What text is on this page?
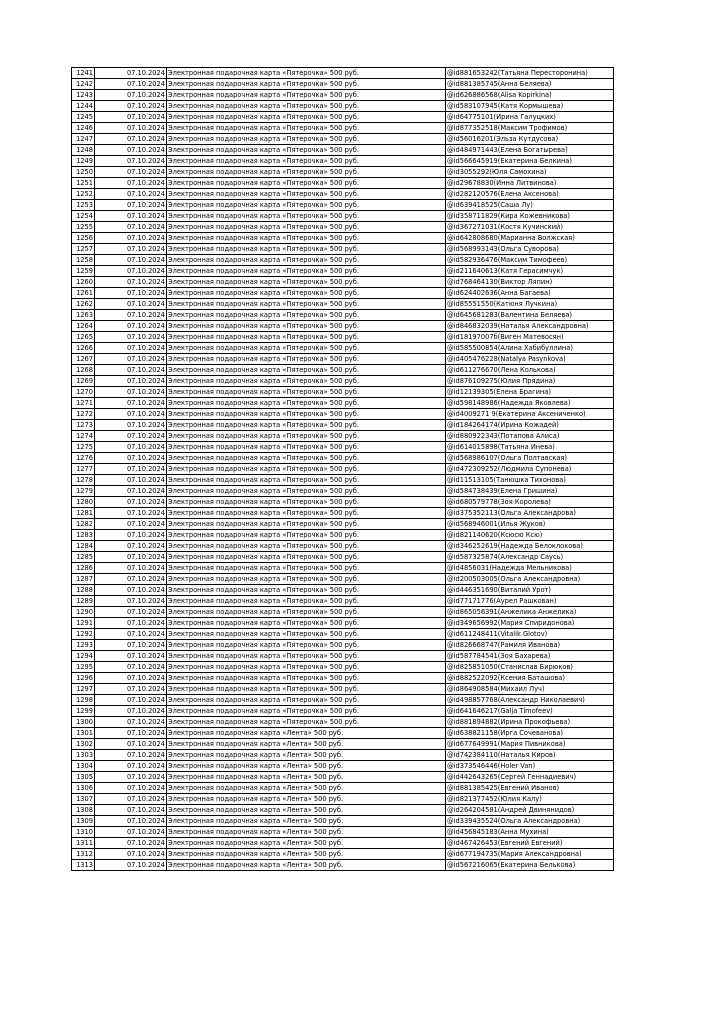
1241	07.10.2024	Электронная подарочная карта «Пятерочка» 500 руб.	@id881653242(Татьяна Пересторонина)
1242	07.10.2024	Электронная подарочная карта «Пятерочка» 500 руб.	@id881385745(Анна Беляева)
1243	07.10.2024	Электронная подарочная карта «Пятерочка» 500 руб.	@id626886568(Alisa Kopirkina)
1244	07.10.2024	Электронная подарочная карта «Пятерочка» 500 руб.	@id583107945(Катя Кормышева)
1245	07.10.2024	Электронная подарочная карта «Пятерочка» 500 руб.	@id64775101(Ирина Галуцких)
1246	07.10.2024	Электронная подарочная карта «Пятерочка» 500 руб.	@id877352518(Максим Трофимов)
1247	07.10.2024	Электронная подарочная карта «Пятерочка» 500 руб.	@id56016201(Эльза Кутдусова)
1248	07.10.2024	Электронная подарочная карта «Пятерочка» 500 руб.	@id484971443(Елена Богатырева)
1249	07.10.2024	Электронная подарочная карта «Пятерочка» 500 руб.	@id566645919(Екатерина Белкина)
1250	07.10.2024	Электронная подарочная карта «Пятерочка» 500 руб.	@id3055292(Юля Самохина)
1251	07.10.2024	Электронная подарочная карта «Пятерочка» 500 руб.	@id29678830(Инна Литвинова)
1252	07.10.2024	Электронная подарочная карта «Пятерочка» 500 руб.	@id282120576(Елена Аксенова)
1253	07.10.2024	Электронная подарочная карта «Пятерочка» 500 руб.	@id639418525(Саша Лу)
1254	07.10.2024	Электронная подарочная карта «Пятерочка» 500 руб.	@id358711829(Кира Кожевникова)
1255	07.10.2024	Электронная подарочная карта «Пятерочка» 500 руб.	@id367271031(Костя Кучинский)
1256	07.10.2024	Электронная подарочная карта «Пятерочка» 500 руб.	@id642808680(Марианна Волжская)
1257	07.10.2024	Электронная подарочная карта «Пятерочка» 500 руб.	@id568993143(Ольга Суворова)
1258	07.10.2024	Электронная подарочная карта «Пятерочка» 500 руб.	@id582936476(Максим Тимофеев)
1259	07.10.2024	Электронная подарочная карта «Пятерочка» 500 руб.	@id211640613(Катя Герасимчук)
1260	07.10.2024	Электронная подарочная карта «Пятерочка» 500 руб.	@id768464130(Виктор Ляпин)
1261	07.10.2024	Электронная подарочная карта «Пятерочка» 500 руб.	@id624402636(Анна Багаева)
1262	07.10.2024	Электронная подарочная карта «Пятерочка» 500 руб.	@id85551550(Катюня Лучкина)
1263	07.10.2024	Электронная подарочная карта «Пятерочка» 500 руб.	@id645681283(Валентина Беляева)
1264	07.10.2024	Электронная подарочная карта «Пятерочка» 500 руб.	@id846832039(Наталья Александровна)
1265	07.10.2024	Электронная подарочная карта «Пятерочка» 500 руб.	@id18197007б(Виген Матевосян)
1266	07.10.2024	Электронная подарочная карта «Пятерочка» 500 руб.	@id585500854(Алина Хабибуллина)
1267	07.10.2024	Электронная подарочная карта «Пятерочка» 500 руб.	@id405476228(Natalya Pasynkova)
1268	07.10.2024	Электронная подарочная карта «Пятерочка» 500 руб.	@id611276670(Лена Колькова)
1269	07.10.2024	Электронная подарочная карта «Пятерочка» 500 руб.	@id876109275(Юлия Прядина)
1270	07.10.2024	Электронная подарочная карта «Пятерочка» 500 руб.	@id12139305(Елена Брагина)
1271	07.10.2024	Электронная подарочная карта «Пятерочка» 500 руб.	@id598148986(Надежда Яковлева)
1272	07.10.2024	Электронная подарочная карта «Пятерочка» 500 руб.	@id4009271 9(Екатерина Аксениченко)
1273	07.10.2024	Электронная подарочная карта «Пятерочка» 500 руб.	@id184264174(Ирина Кожадей)
1274	07.10.2024	Электронная подарочная карта «Пятерочка» 500 руб.	@id880922343(Потапова Алиса)
1275	07.10.2024	Электронная подарочная карта «Пятерочка» 500 руб.	@id614015898(Татьяна Инева)
1276	07.10.2024	Электронная подарочная карта «Пятерочка» 500 руб.	@id568986107(Ольга Полтавская)
1277	07.10.2024	Электронная подарочная карта «Пятерочка» 500 руб.	@id472309252(Людмила Супонева)
1278	07.10.2024	Электронная подарочная карта «Пятерочка» 500 руб.	@id11513105(Танюшка Тихонова)
1279	07.10.2024	Электронная подарочная карта «Пятерочка» 500 руб.	@id584738439(Елена Гришина)
1280	07.10.2024	Электронная подарочная карта «Пятерочка» 500 руб.	@id680579778(Зоя Королева)
1281	07.10.2024	Электронная подарочная карта «Пятерочка» 500 руб.	@id375352113(Ольга Александрова)
1282	07.10.2024	Электронная подарочная карта «Пятерочка» 500 руб.	@id568946001(Илья Жуков)
1283	07.10.2024	Электронная подарочная карта «Пятерочка» 500 руб.	@id821140620(Ксюсю Ксю)
1284	07.10.2024	Электронная подарочная карта «Пятерочка» 500 руб.	@id346252619(Надежда Белоклокова)
1285	07.10.2024	Электронная подарочная карта «Пятерочка» 500 руб.	@id587325874(Александр Саусь)
1286	07.10.2024	Электронная подарочная карта «Пятерочка» 500 руб.	@id4856031(Надежда Мельникова)
1287	07.10.2024	Электронная подарочная карта «Пятерочка» 500 руб.	@id200503005(Ольга Александровна)
1288	07.10.2024	Электронная подарочная карта «Пятерочка» 500 руб.	@id446351690(Виталий Урот)
1289	07.10.2024	Электронная подарочная карта «Пятерочка» 500 руб.	@id77171776(Аурел Рашкован)
1290	07.10.2024	Электронная подарочная карта «Пятерочка» 500 руб.	@id865056391(Анжелика Анжелика)
1291	07.10.2024	Электронная подарочная карта «Пятерочка» 500 руб.	@id349656992(Мария Спиридонова)
1292	07.10.2024	Электронная подарочная карта «Пятерочка» 500 руб.	@id611248411(Vitalik Glotov)
1293	07.10.2024	Электронная подарочная карта «Пятерочка» 500 руб.	@id826668747(Рамиля Иванова)
1294	07.10.2024	Электронная подарочная карта «Пятерочка» 500 руб.	@id587784541(Зоя Бахарева)
1295	07.10.2024	Электронная подарочная карта «Пятерочка» 500 руб.	@id825851050(Станислав Бирюков)
1296	07.10.2024	Электронная подарочная карта «Пятерочка» 500 руб.	@id882522092(Ксения Баташова)
1297	07.10.2024	Электронная подарочная карта «Пятерочка» 500 руб.	@id864908584(Михаил Луч)
1298	07.10.2024	Электронная подарочная карта «Пятерочка» 500 руб.	@id498857768(Александр Николаевич)
1299	07.10.2024	Электронная подарочная карта «Пятерочка» 500 руб.	@id641646217(Galja Timofeev)
1300	07.10.2024	Электронная подарочная карта «Пятерочка» 500 руб.	@id881894882(Ирина Прокофьева)
1301	07.10.2024	Электронная подарочная карта «Лента» 500 руб.	@id638821158(Ирга Сочеванова)
1302	07.10.2024	Электронная подарочная карта «Лента» 500 руб.	@id677649991(Мария Пивникова)
1303	07.10.2024	Электронная подарочная карта «Лента» 500 руб.	@id742384110(Наталья Киров)
1304	07.10.2024	Электронная подарочная карта «Лента» 500 руб.	@id373546446(Holer Van)
1305	07.10.2024	Электронная подарочная карта «Лента» 500 руб.	@id442643265(Сергей Геннадиевич)
1306	07.10.2024	Электронная подарочная карта «Лента» 500 руб.	@id881385425(Евгений Иванов)
1307	07.10.2024	Электронная подарочная карта «Лента» 500 руб.	@id821377452(Юлия Калу)
1308	07.10.2024	Электронная подарочная карта «Лента» 500 руб.	@id264204581(Андрей Двинянидов)
1309	07.10.2024	Электронная подарочная карта «Лента» 500 руб.	@id339435524(Ольга Александровна)
1310	07.10.2024	Электронная подарочная карта «Лента» 500 руб.	@id456845183(Анна Мухина)
1311	07.10.2024	Электронная подарочная карта «Лента» 500 руб.	@id467426453(Евгений Евгений)
1312	07.10.2024	Электронная подарочная карта «Лента» 500 руб.	@id677194735(Мария Александровна)
1313	07.10.2024	Электронная подарочная карта «Лента» 500 руб.	@id567216065(Екатерина Белькова)
